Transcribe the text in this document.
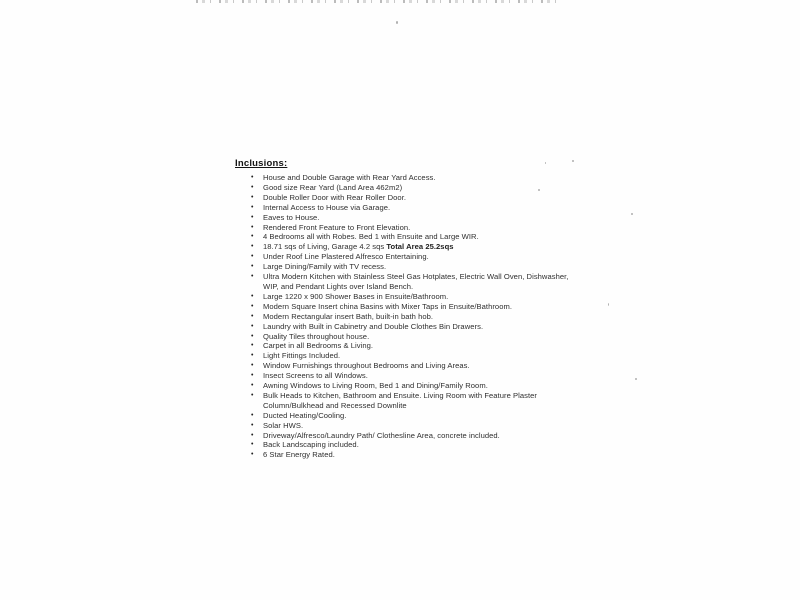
Inclusions:
•	House and Double Garage with Rear Yard Access.
•	Good size Rear Yard (Land Area 462m2)
•	Double Roller Door with Rear Roller Door.
•	Internal Access to House via Garage.
•	Eaves to House.
•	Rendered Front Feature to Front Elevation.
•	4 Bedrooms all with Robes. Bed 1 with Ensuite and Large WIR.
•	18.71 sqs of Living, Garage 4.2 sqs Total Area 25.2sqs
•	Under Roof Line Plastered Alfresco Entertaining.
•	Large Dining/Family with TV recess.
•	Ultra Modern Kitchen with Stainless Steel Gas Hotplates, Electric Wall Oven, Dishwasher, WIP, and Pendant Lights over Island Bench.
•	Large 1220 x 900 Shower Bases in Ensuite/Bathroom.
•	Modern Square Insert china Basins with Mixer Taps in Ensuite/Bathroom.
•	Modern Rectangular insert Bath, built-in bath hob.
•	Laundry with Built in Cabinetry and Double Clothes Bin Drawers.
•	Quality Tiles throughout house.
•	Carpet in all Bedrooms & Living.
•	Light Fittings Included.
•	Window Furnishings throughout Bedrooms and Living Areas.
•	Insect Screens to all Windows.
•	Awning Windows to Living Room, Bed 1 and Dining/Family Room.
•	Bulk Heads to Kitchen, Bathroom and Ensuite. Living Room with Feature Plaster Column/Bulkhead and Recessed Downlite
•	Ducted Heating/Cooling.
•	Solar HWS.
•	Driveway/Alfresco/Laundry Path/ Clothesline Area, concrete included.
•	Back Landscaping included.
•	6 Star Energy Rated.
